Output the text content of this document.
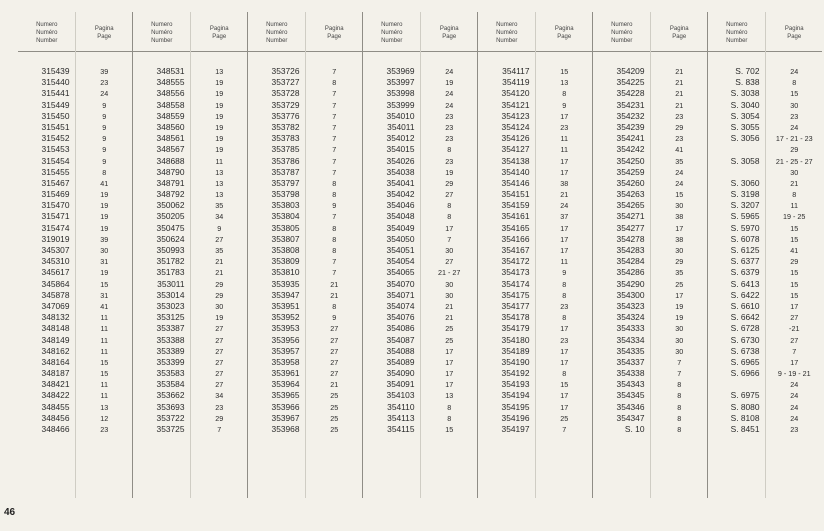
Numero
Numéro
Number
315439
315440
315441
315449
315450
315451
315452
315453
315454
315455
315467
315469
315470
315471
315474
319019
345307
345310
345617
345864
345878
347069
348132
348148
348149
348162
348164
348187
348421
348422
348455
348456
348466
Pagina
Page
39
23
24
9
9
9
9
9
9
8
41
19
19
19
19
39
30
31
19
15
31
41
11
11
11
11
15
15
11
11
13
12
23
Numero
Numéro
Number
348531
348555
348556
348558
348559
348560
348561
348567
348688
348790
348791
348792
350062
350205
350475
350624
350993
351782
351783
353011
353014
353023
353125
353387
353388
353389
353399
353583
353584
353662
353693
353722
353725
Pagina
Page
13
19
19
19
19
19
19
19
11
13
13
13
35
34
9
27
35
21
21
29
29
30
19
27
27
27
27
27
27
34
23
29
7
Numero
Numéro
Number
353726
353727
353728
353729
353776
353782
353783
353785
353786
353787
353797
353798
353803
353804
353805
353807
353808
353809
353810
353935
353947
353951
353952
353953
353956
353957
353958
353961
353964
353965
353966
353967
353968
Pagina
Page
7
8
7
7
7
7
7
7
7
7
8
8
9
7
8
8
8
7
7
21
21
8
9
27
27
27
27
27
21
25
25
25
25
Numero
Numéro
Number
353969
353997
353998
353999
354010
354011
354012
354015
354026
354038
354041
354042
354046
354048
354049
354050
354051
354054
354065
354070
354071
354074
354076
354086
354087
354088
354089
354090
354091
354103
354110
354113
354115
Pagina
Page
24
19
24
24
23
23
23
8
23
19
29
27
8
8
17
7
30
27
21 - 27
30
30
21
21
25
25
17
17
17
17
13
8
8
15
Numero
Numéro
Number
354117
354119
354120
354121
354123
354124
354126
354127
354138
354140
354146
354151
354159
354161
354165
354166
354167
354172
354173
354174
354175
354177
354178
354179
354180
354189
354190
354192
354193
354194
354195
354196
354197
Pagina
Page
15
13
8
9
17
23
11
11
17
17
38
21
24
37
17
17
17
11
9
8
8
23
8
17
23
17
17
8
15
17
17
25
7
Numero
Numéro
Number
354209
354225
354228
354231
354232
354239
354241
354242
354250
354259
354260
354263
354265
354271
354277
354278
354283
354284
354286
354290
354300
354323
354324
354333
354334
354335
354337
354338
354343
354345
354346
354347
S. 10
Pagina
Page
21
21
21
21
23
29
23
41
35
24
24
15
30
38
17
38
30
29
35
25
17
19
19
30
30
30
7
7
8
8
8
8
8
Numero
Numéro
Number
S. 702
S. 838
S. 3038
S. 3040
S. 3054
S. 3055
S. 3056
S. 3058
S. 3060
S. 3198
S. 3207
S. 5965
S. 5970
S. 6078
S. 6125
S. 6377
S. 6379
S. 6413
S. 6422
S. 6610
S. 6642
S. 6728
S. 6730
S. 6738
S. 6965
S. 6966
S. 6975
S. 8080
S. 8108
S. 8451
Pagina
Page
24
8
15
30
23
24
17 - 21 - 23
29
21 - 25 - 27
30
21
8
11
19 - 25
15
15
41
29
15
15
15
17
27
-21
27
7
17
9 - 19 - 21
24
24
24
24
23
46
